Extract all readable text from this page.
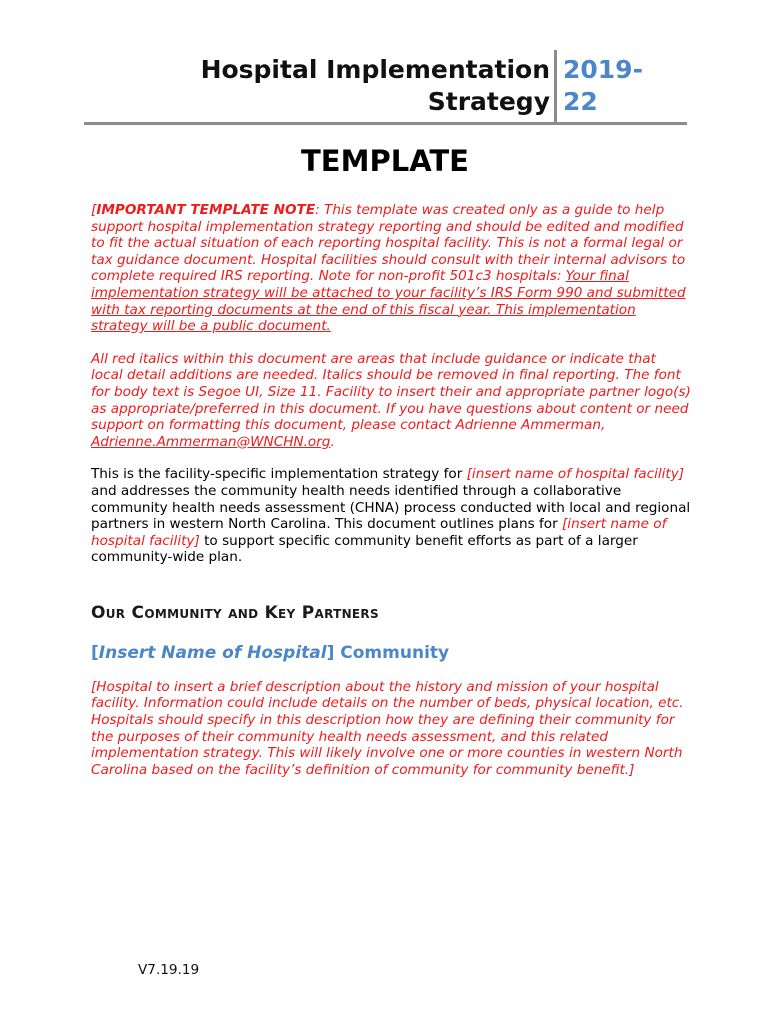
Hospital Implementation
Strategy
2019-
22
TEMPLATE

[IMPORTANT TEMPLATE NOTE: This template was created only as a guide to help support hospital implementation strategy reporting and should be edited and modified to fit the actual situation of each reporting hospital facility. This is not a formal legal or tax guidance document. Hospital facilities should consult with their internal advisors to complete required IRS reporting. Note for non-profit 501c3 hospitals: Your final implementation strategy will be attached to your facility’s IRS Form 990 and submitted with tax reporting documents at the end of this fiscal year. This implementation strategy will be a public document.

All red italics within this document are areas that include guidance or indicate that local detail additions are needed. Italics should be removed in final reporting. The font for body text is Segoe UI, Size 11. Facility to insert their and appropriate partner logo(s) as appropriate/preferred in this document. If you have questions about content or need support on formatting this document, please contact Adrienne Ammerman, Adrienne.Ammerman@WNCHN.org.

This is the facility-specific implementation strategy for [insert name of hospital facility] and addresses the community health needs identified through a collaborative community health needs assessment (CHNA) process conducted with local and regional partners in western North Carolina. This document outlines plans for [insert name of hospital facility] to support specific community benefit efforts as part of a larger community-wide plan.

Our Community and Key Partners
[Insert Name of Hospital] Community

[Hospital to insert a brief description about the history and mission of your hospital facility. Information could include details on the number of beds, physical location, etc. Hospitals should specify in this description how they are defining their community for the purposes of their community health needs assessment, and this related implementation strategy. This will likely involve one or more counties in western North Carolina based on the facility’s definition of community for community benefit.]

V7.19.19
